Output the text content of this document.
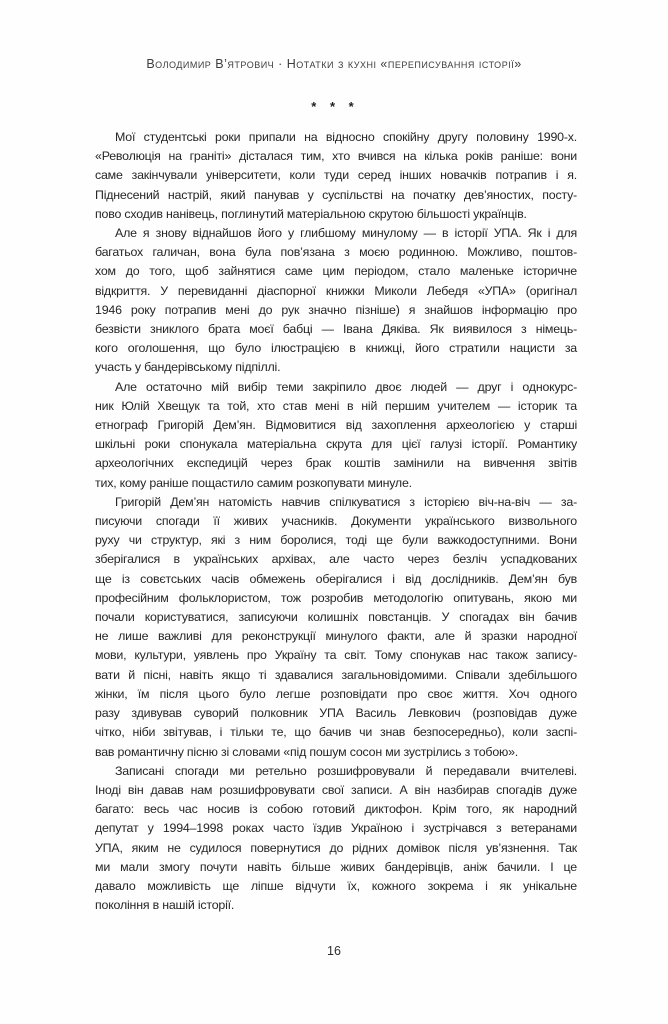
Володимир В’ятрович · Нотатки з кухні «переписування історії»
* * *
Мої студентські роки припали на відносно спокійну другу половину 1990-х.
«Революція на граніті» дісталася тим, хто вчився на кілька років раніше: вони
саме закінчували університети, коли туди серед інших новачків потрапив і я.
Піднесений настрій, який панував у суспільстві на початку дев’яностих, посту-
пово сходив нанівець, поглинутий матеріальною скрутою більшості українців.
Але я знову віднайшов його у глибшому минулому — в історії УПА. Як і для
багатьох галичан, вона була пов’язана з моєю родинною. Можливо, поштов-
хом до того, щоб зайнятися саме цим періодом, стало маленьке історичне
відкриття. У перевиданні діаспорної книжки Миколи Лебедя «УПА» (оригінал
1946 року потрапив мені до рук значно пізніше) я знайшов інформацію про
безвісти зниклого брата моєї бабці — Івана Дяківа. Як виявилося з німець-
кого оголошення, що було ілюстрацією в книжці, його стратили нацисти за
участь у бандерівському підпіллі.
Але остаточно мій вибір теми закріпило двоє людей — друг і однокурс-
ник Юлій Хвещук та той, хто став мені в ній першим учителем — історик та
етнограф Григорій Дем’ян. Відмовитися від захоплення археологією у старші
шкільні роки спонукала матеріальна скрута для цієї галузі історії. Романтику
археологічних експедицій через брак коштів замінили на вивчення звітів
тих, кому раніше пощастило самим розкопувати минуле.
Григорій Дем’ян натомість навчив спілкуватися з історією віч-на-віч — за-
писуючи спогади її живих учасників. Документи українського визвольного
руху чи структур, які з ним боролися, тоді ще були важкодоступними. Вони
зберігалися в українських архівах, але часто через безліч успадкованих
ще із совєтських часів обмежень оберігалися і від дослідників. Дем’ян був
професійним фольклористом, тож розробив методологію опитувань, якою ми
почали користуватися, записуючи колишніх повстанців. У спогадах він бачив
не лише важливі для реконструкції минулого факти, але й зразки народної
мови, культури, уявлень про Україну та світ. Тому спонукав нас також запису-
вати й пісні, навіть якщо ті здавалися загальновідомими. Співали здебільшого
жінки, їм після цього було легше розповідати про своє життя. Хоч одного
разу здивував суворий полковник УПА Василь Левкович (розповідав дуже
чітко, ніби звітував, і тільки те, що бачив чи знав безпосередньо), коли заспі-
вав романтичну пісню зі словами «під пошум сосон ми зустрілись з тобою».
Записані спогади ми ретельно розшифровували й передавали вчителеві.
Іноді він давав нам розшифровувати свої записи. А він назбирав спогадів дуже
багато: весь час носив із собою готовий диктофон. Крім того, як народний
депутат у 1994–1998 роках часто їздив Україною і зустрічався з ветеранами
УПА, яким не судилося повернутися до рідних домівок після ув’язнення. Так
ми мали змогу почути навіть більше живих бандерівців, аніж бачили. І це
давало можливість ще ліпше відчути їх, кожного зокрема і як унікальне
покоління в нашій історії.
16
